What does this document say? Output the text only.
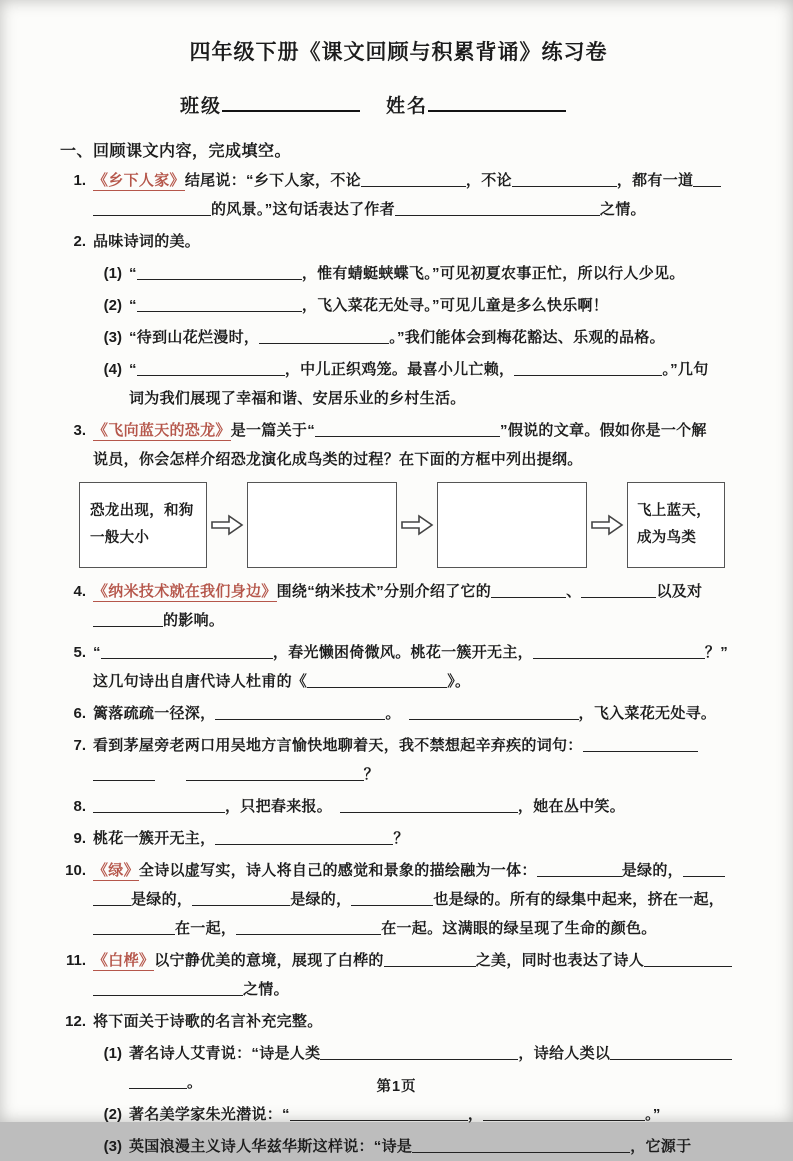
四年级下册《课文回顾与积累背诵》练习卷
班级	姓名
一、回顾课文内容，完成填空。
1. 《乡下人家》结尾说：“乡下人家，不论	，不论	，都有一道
的风景。”这句话表达了作者	之情。
2. 品味诗词的美。
(1) “	，惟有蜻蜓蛱蝶飞。”可见初夏农事正忙，所以行人少见。
(2) “	，飞入菜花无处寻。”可见儿童是多么快乐啊！
(3) “待到山花烂漫时，	。”我们能体会到梅花豁达、乐观的品格。
(4) “	，中儿正织鸡笼。最喜小儿亡赖，	。”几句
词为我们展现了幸福和谐、安居乐业的乡村生活。
3. 《飞向蓝天的恐龙》是一篇关于“	”假说的文章。假如你是一个解
说员，你会怎样介绍恐龙演化成鸟类的过程？在下面的方框中列出提纲。
恐龙出现，和狗一般大小
飞上蓝天，成为鸟类
4. 《纳米技术就在我们身边》围绕“纳米技术”分别介绍了它的	、	以及对
的影响。
5. “	，春光懒困倚微风。桃花一簇开无主，	？”
这几句诗出自唐代诗人杜甫的《	》。
6. 篱落疏疏一径深，	。　	，飞入菜花无处寻。
7. 看到茅屋旁老两口用吴地方言愉快地聊着天，我不禁想起辛弃疾的词句：
　　？
8.	，只把春来报。　	，她在丛中笑。
9. 桃花一簇开无主，	？
10. 《绿》全诗以虚写实，诗人将自己的感觉和景象的描绘融为一体：	是绿的，
是绿的，	是绿的，	也是绿的。所有的绿集中起来，挤在一起，
在一起，	在一起。这满眼的绿呈现了生命的颜色。
11. 《白桦》以宁静优美的意境，展现了白桦的	之美，同时也表达了诗人
之情。
12. 将下面关于诗歌的名言补充完整。
(1) 著名诗人艾青说：“诗是人类	，诗给人类以
。
(2) 著名美学家朱光潜说：“	，	。”
(3) 英国浪漫主义诗人华兹华斯这样说：“诗是	，它源于
第1页
